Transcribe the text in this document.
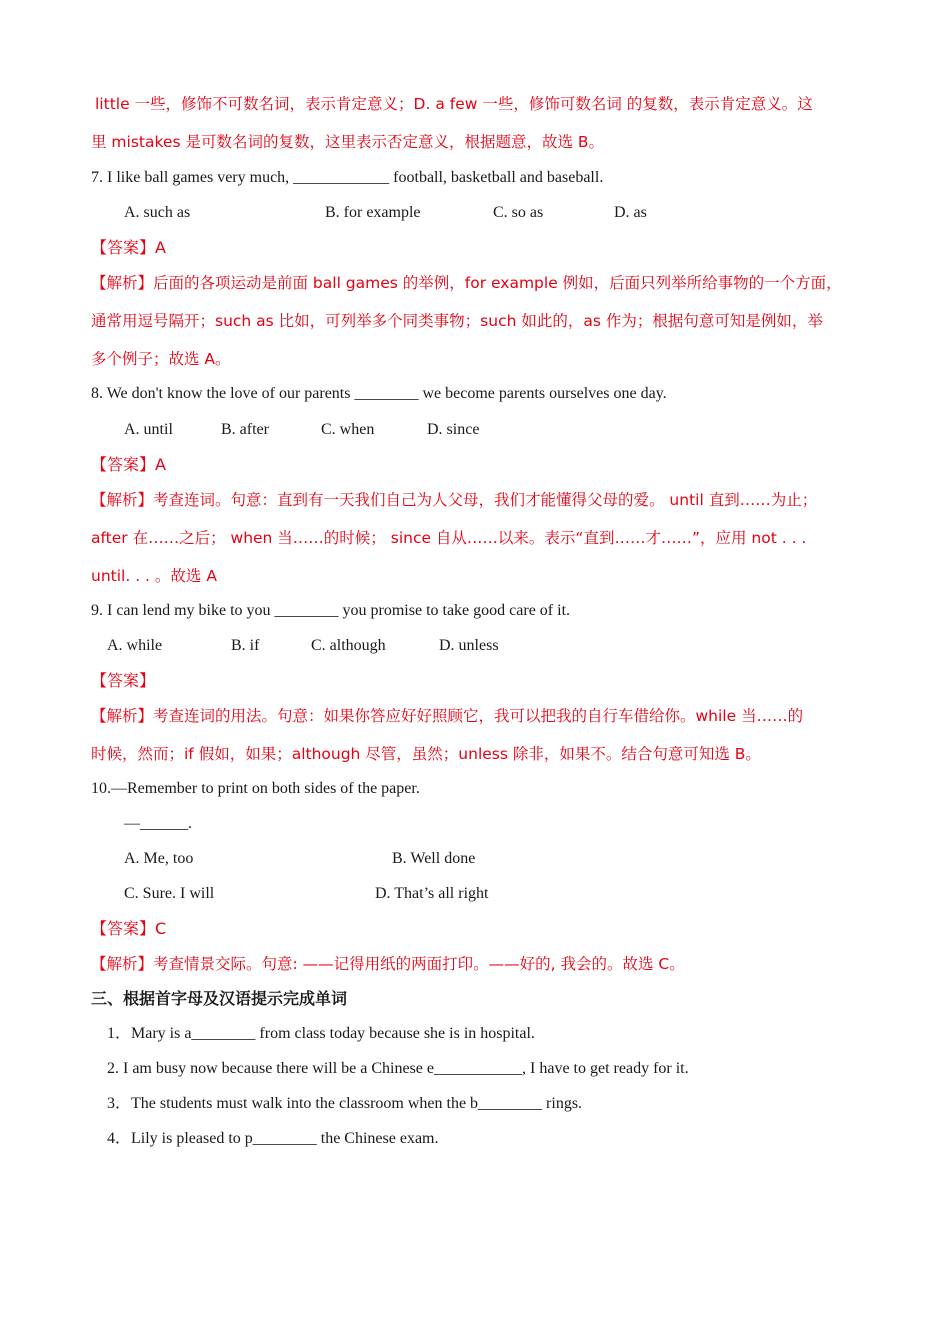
little 一些，修饰不可数名词，表示肯定意义；D. a few 一些，修饰可数名词 的复数，表示肯定意义。这
里 mistakes 是可数名词的复数，这里表示否定意义，根据题意，故选 B。
7. I like ball games very much, ____________ football, basketball and baseball.
A. such as	B. for example	C. so as	D. as
【答案】A
【解析】后面的各项运动是前面 ball games 的举例，for example 例如，后面只列举所给事物的一个方面，
通常用逗号隔开；such as 比如，可列举多个同类事物；such 如此的，as 作为；根据句意可知是例如，举
多个例子；故选 A。
8. We don't know the love of our parents ________ we become parents ourselves one day.
A. until	B. after	C. when	D. since
【答案】A
【解析】考查连词。句意：直到有一天我们自己为人父母，我们才能懂得父母的爱。 until 直到……为止；
after 在……之后； when 当……的时候； since 自从……以来。表示“直到……才……”，应用 not . . .
until. . . 。故选 A
9. I can lend my bike to you ________ you promise to take good care of it.
A. while	B. if	C. although	D. unless
【答案】
【解析】考查连词的用法。句意：如果你答应好好照顾它，我可以把我的自行车借给你。while 当……的
时候，然而；if 假如，如果；although 尽管，虽然；unless 除非，如果不。结合句意可知选 B。
10.—Remember to print on both sides of the paper.
—______.
A. Me, too	B. Well done
C. Sure. I will	D. That’s all right
【答案】C
【解析】考查情景交际。句意: ——记得用纸的两面打印。——好的, 我会的。故选 C。
三、根据首字母及汉语提示完成单词
1．Mary is a________ from class today because she is in hospital.
2. I am busy now because there will be a Chinese e___________, I have to get ready for it.
3．The students must walk into the classroom when the b________ rings.
4．Lily is pleased to p________ the Chinese exam.
